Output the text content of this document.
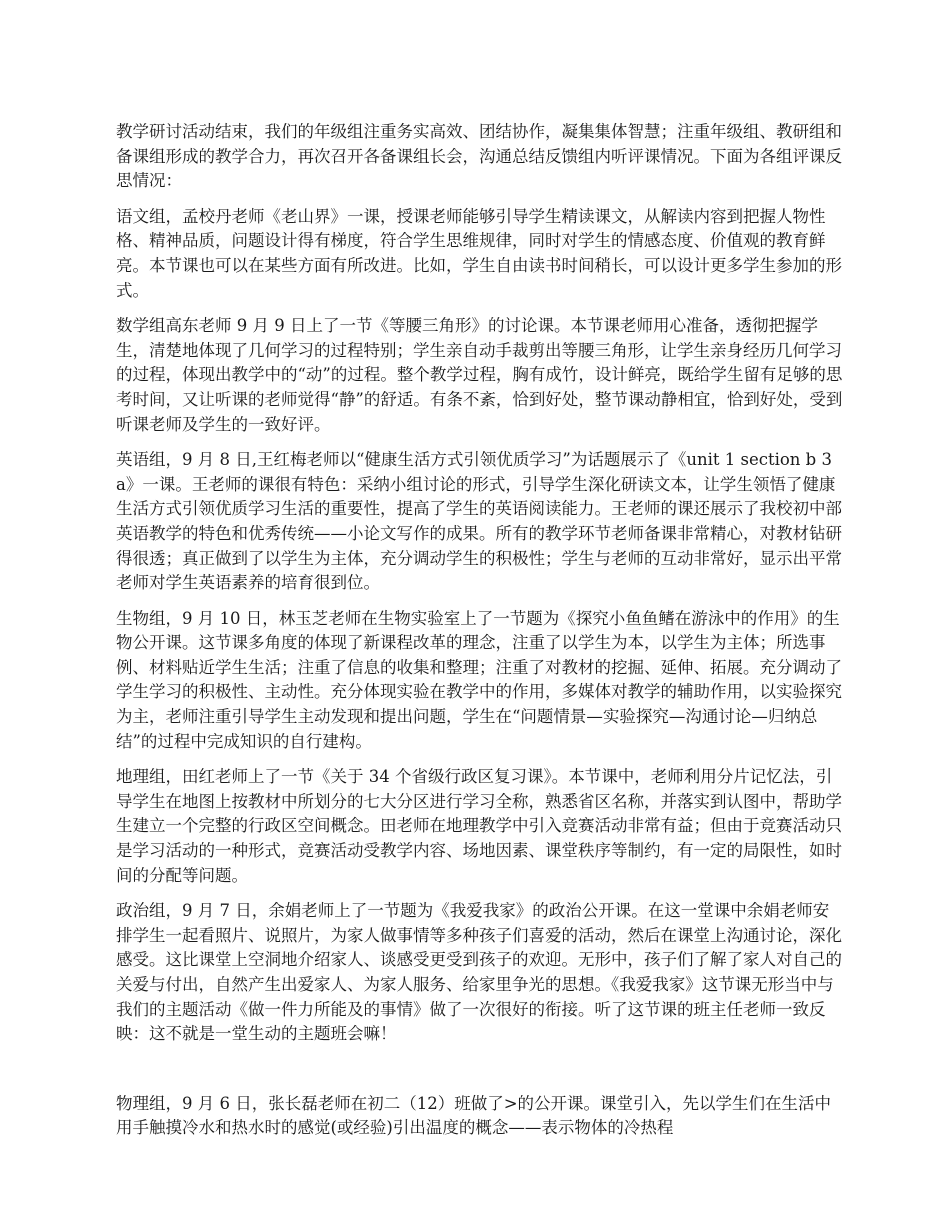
教学研讨活动结束，我们的年级组注重务实高效、团结协作，凝集集体智慧；注重年级组、教研组和备课组形成的教学合力，再次召开各备课组长会，沟通总结反馈组内听评课情况。下面为各组评课反思情况：

语文组，孟校丹老师《老山界》一课，授课老师能够引导学生精读课文，从解读内容到把握人物性格、精神品质，问题设计得有梯度，符合学生思维规律，同时对学生的情感态度、价值观的教育鲜亮。本节课也可以在某些方面有所改进。比如，学生自由读书时间稍长，可以设计更多学生参加的形式。

数学组高东老师 9 月 9 日上了一节《等腰三角形》的讨论课。本节课老师用心准备，透彻把握学生，清楚地体现了几何学习的过程特别；学生亲自动手裁剪出等腰三角形，让学生亲身经历几何学习的过程，体现出教学中的“动”的过程。整个教学过程，胸有成竹，设计鲜亮，既给学生留有足够的思考时间，又让听课的老师觉得“静”的舒适。有条不紊，恰到好处，整节课动静相宜，恰到好处，受到听课老师及学生的一致好评。

英语组，9 月 8 日,王红梅老师以“健康生活方式引领优质学习”为话题展示了《unit 1 section b 3a》一课。王老师的课很有特色：采纳小组讨论的形式，引导学生深化研读文本，让学生领悟了健康生活方式引领优质学习生活的重要性，提高了学生的英语阅读能力。王老师的课还展示了我校初中部英语教学的特色和优秀传统——小论文写作的成果。所有的教学环节老师备课非常精心，对教材钻研得很透；真正做到了以学生为主体，充分调动学生的积极性；学生与老师的互动非常好，显示出平常老师对学生英语素养的培育很到位。

生物组，9 月 10 日，林玉芝老师在生物实验室上了一节题为《探究小鱼鱼鳍在游泳中的作用》的生物公开课。这节课多角度的体现了新课程改革的理念，注重了以学生为本，以学生为主体；所选事例、材料贴近学生生活；注重了信息的收集和整理；注重了对教材的挖掘、延伸、拓展。充分调动了学生学习的积极性、主动性。充分体现实验在教学中的作用，多媒体对教学的辅助作用，以实验探究为主，老师注重引导学生主动发现和提出问题，学生在“问题情景—实验探究—沟通讨论—归纳总结”的过程中完成知识的自行建构。

地理组，田红老师上了一节《关于 34 个省级行政区复习课》。本节课中，老师利用分片记忆法，引导学生在地图上按教材中所划分的七大分区进行学习全称，熟悉省区名称，并落实到认图中，帮助学生建立一个完整的行政区空间概念。田老师在地理教学中引入竞赛活动非常有益；但由于竞赛活动只是学习活动的一种形式，竞赛活动受教学内容、场地因素、课堂秩序等制约，有一定的局限性，如时间的分配等问题。

政治组，9 月 7 日，余娟老师上了一节题为《我爱我家》的政治公开课。在这一堂课中余娟老师安排学生一起看照片、说照片，为家人做事情等多种孩子们喜爱的活动，然后在课堂上沟通讨论，深化感受。这比课堂上空洞地介绍家人、谈感受更受到孩子的欢迎。无形中，孩子们了解了家人对自己的关爱与付出，自然产生出爱家人、为家人服务、给家里争光的思想。《我爱我家》这节课无形当中与我们的主题活动《做一件力所能及的事情》做了一次很好的衔接。听了这节课的班主任老师一致反映：这不就是一堂生动的主题班会嘛！

物理组，9 月 6 日，张长磊老师在初二（12）班做了>的公开课。课堂引入，先以学生们在生活中用手触摸冷水和热水时的感觉(或经验)引出温度的概念——表示物体的冷热程
